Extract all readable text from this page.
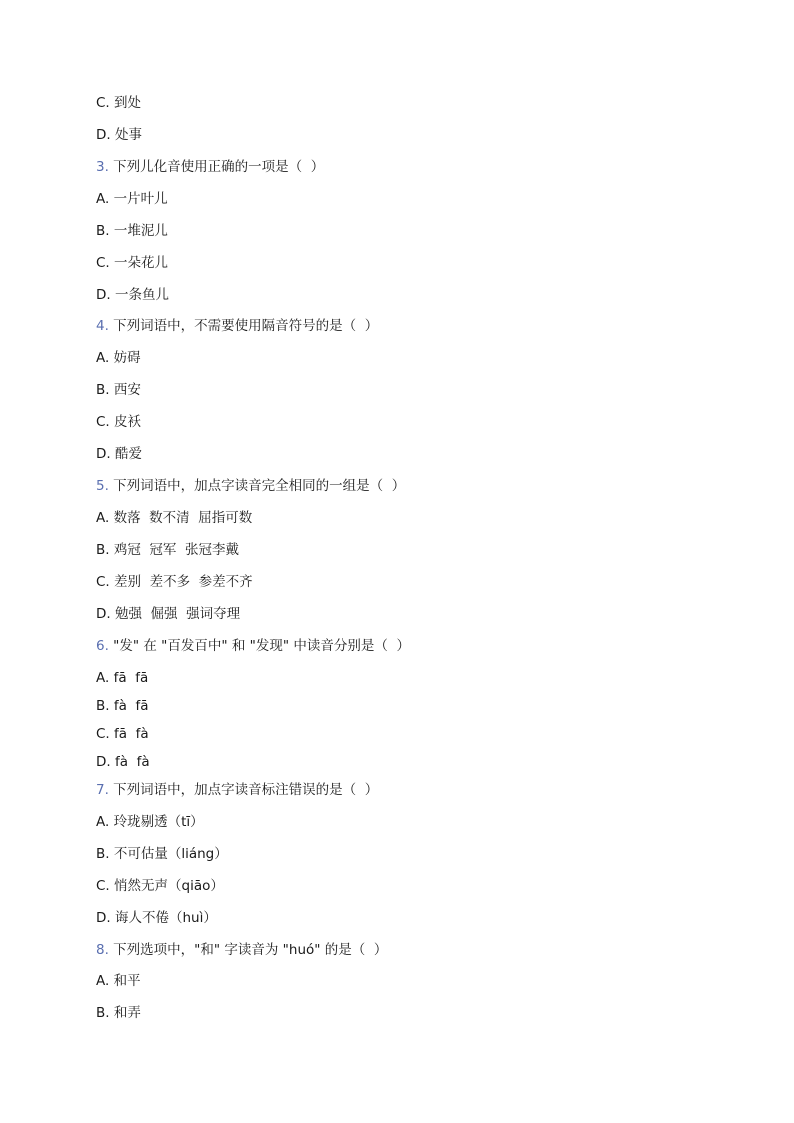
C. 到处
D. 处事
3. 下列儿化音使用正确的一项是（  ）
A. 一片叶儿
B. 一堆泥儿
C. 一朵花儿
D. 一条鱼儿
4. 下列词语中，不需要使用隔音符号的是（  ）
A. 妨碍
B. 西安
C. 皮袄
D. 酷爱
5. 下列词语中，加点字读音完全相同的一组是（  ）
A. 数落  数不清  屈指可数
B. 鸡冠  冠军  张冠李戴
C. 差别  差不多  参差不齐
D. 勉强  倔强  强词夺理
6. "发" 在 "百发百中" 和 "发现" 中读音分别是（  ）
A. fā  fā
B. fà  fā
C. fā  fà
D. fà  fà
7. 下列词语中，加点字读音标注错误的是（  ）
A. 玲珑剔透（tī）
B. 不可估量（liáng）
C. 悄然无声（qiāo）
D. 诲人不倦（huì）
8. 下列选项中，"和" 字读音为 "huó" 的是（  ）
A. 和平
B. 和弄
